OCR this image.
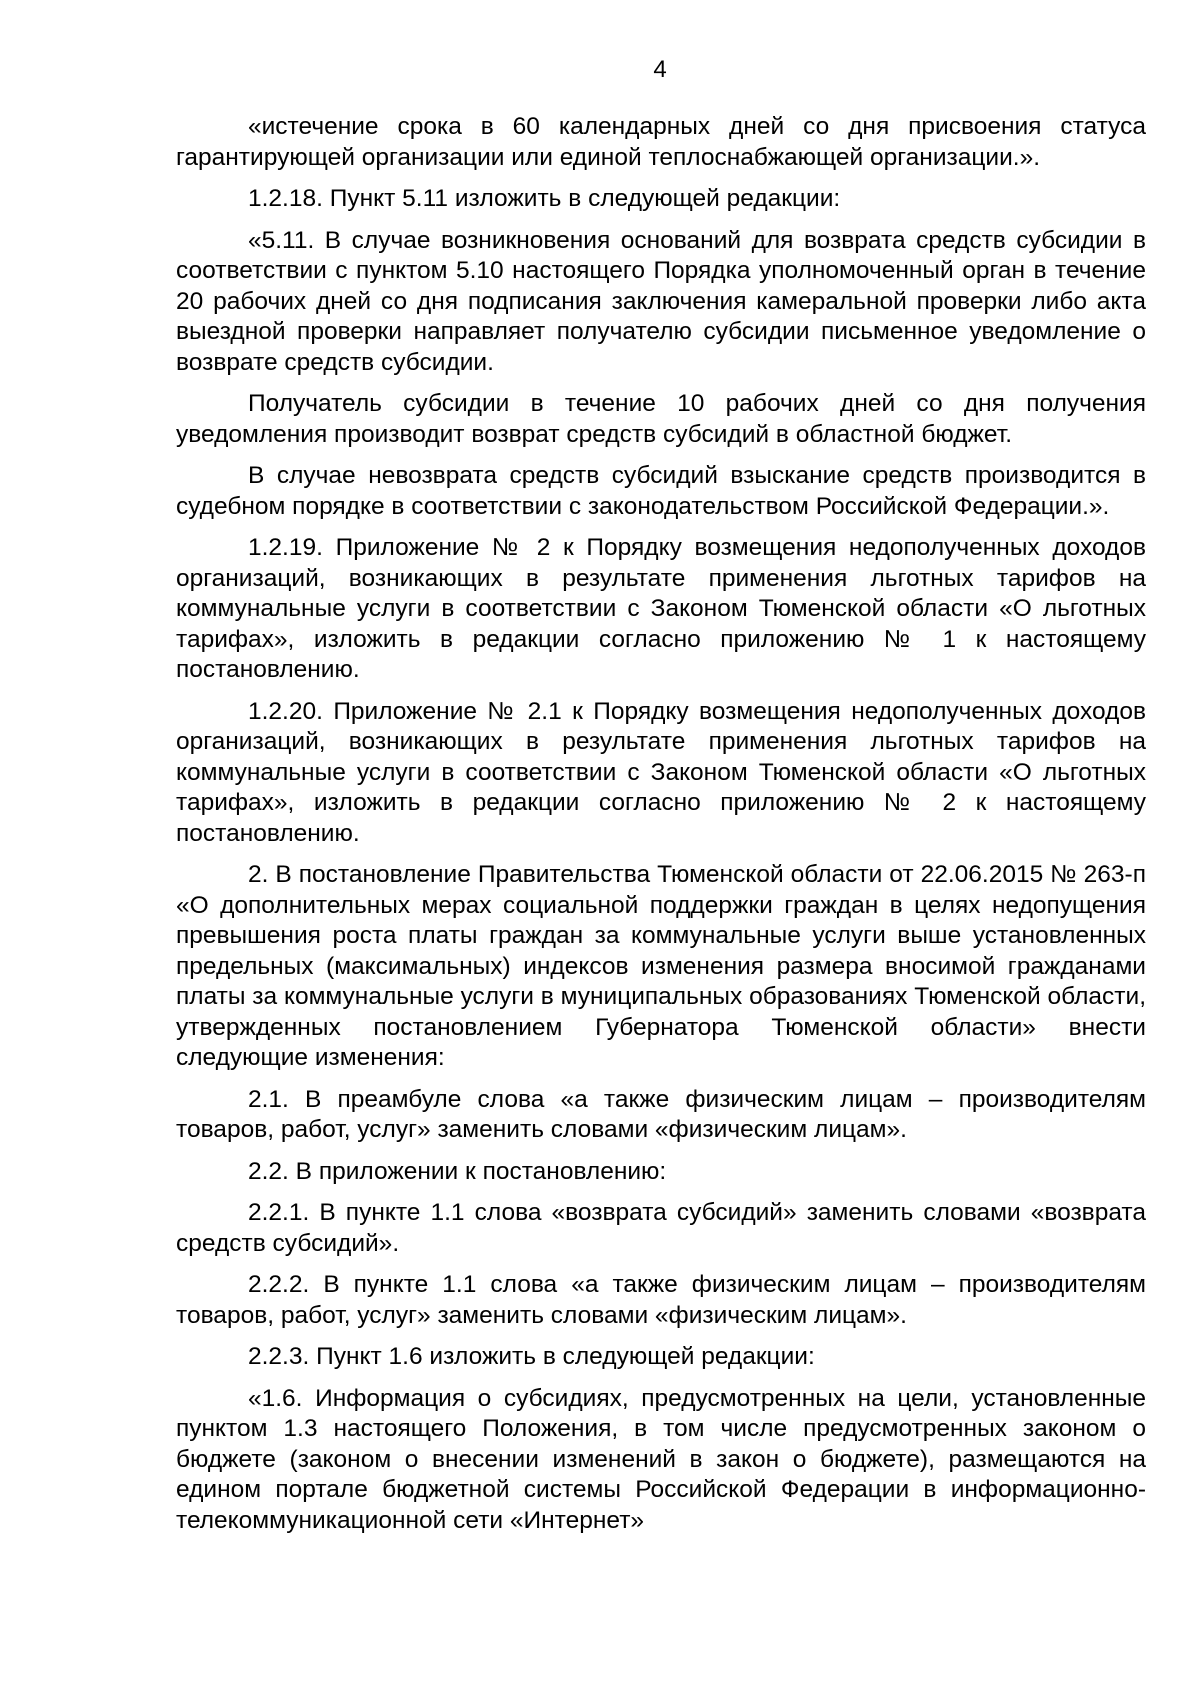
4

«истечение срока в 60 календарных дней со дня присвоения статуса гарантирующей организации или единой теплоснабжающей организации.».

1.2.18. Пункт 5.11 изложить в следующей редакции:

«5.11. В случае возникновения оснований для возврата средств субсидии в соответствии с пунктом 5.10 настоящего Порядка уполномоченный орган в течение 20 рабочих дней со дня подписания заключения камеральной проверки либо акта выездной проверки направляет получателю субсидии письменное уведомление о возврате средств субсидии.

Получатель субсидии в течение 10 рабочих дней со дня получения уведомления производит возврат средств субсидий в областной бюджет.

В случае невозврата средств субсидий взыскание средств производится в судебном порядке в соответствии с законодательством Российской Федерации.».

1.2.19. Приложение № 2 к Порядку возмещения недополученных доходов организаций, возникающих в результате применения льготных тарифов на коммунальные услуги в соответствии с Законом Тюменской области «О льготных тарифах», изложить в редакции согласно приложению № 1 к настоящему постановлению.

1.2.20. Приложение № 2.1 к Порядку возмещения недополученных доходов организаций, возникающих в результате применения льготных тарифов на коммунальные услуги в соответствии с Законом Тюменской области «О льготных тарифах», изложить в редакции согласно приложению № 2 к настоящему постановлению.

2. В постановление Правительства Тюменской области от 22.06.2015 № 263-п «О дополнительных мерах социальной поддержки граждан в целях недопущения превышения роста платы граждан за коммунальные услуги выше установленных предельных (максимальных) индексов изменения размера вносимой гражданами платы за коммунальные услуги в муниципальных образованиях Тюменской области, утвержденных постановлением Губернатора Тюменской области» внести следующие изменения:

2.1. В преамбуле слова «а также физическим лицам – производителям товаров, работ, услуг» заменить словами «физическим лицам».

2.2. В приложении к постановлению:

2.2.1. В пункте 1.1 слова «возврата субсидий» заменить словами «возврата средств субсидий».

2.2.2. В пункте 1.1 слова «а также физическим лицам – производителям товаров, работ, услуг» заменить словами «физическим лицам».

2.2.3. Пункт 1.6 изложить в следующей редакции:

«1.6. Информация о субсидиях, предусмотренных на цели, установленные пунктом 1.3 настоящего Положения, в том числе предусмотренных законом о бюджете (законом о внесении изменений в закон о бюджете), размещаются на едином портале бюджетной системы Российской Федерации в информационно-телекоммуникационной сети «Интернет»
